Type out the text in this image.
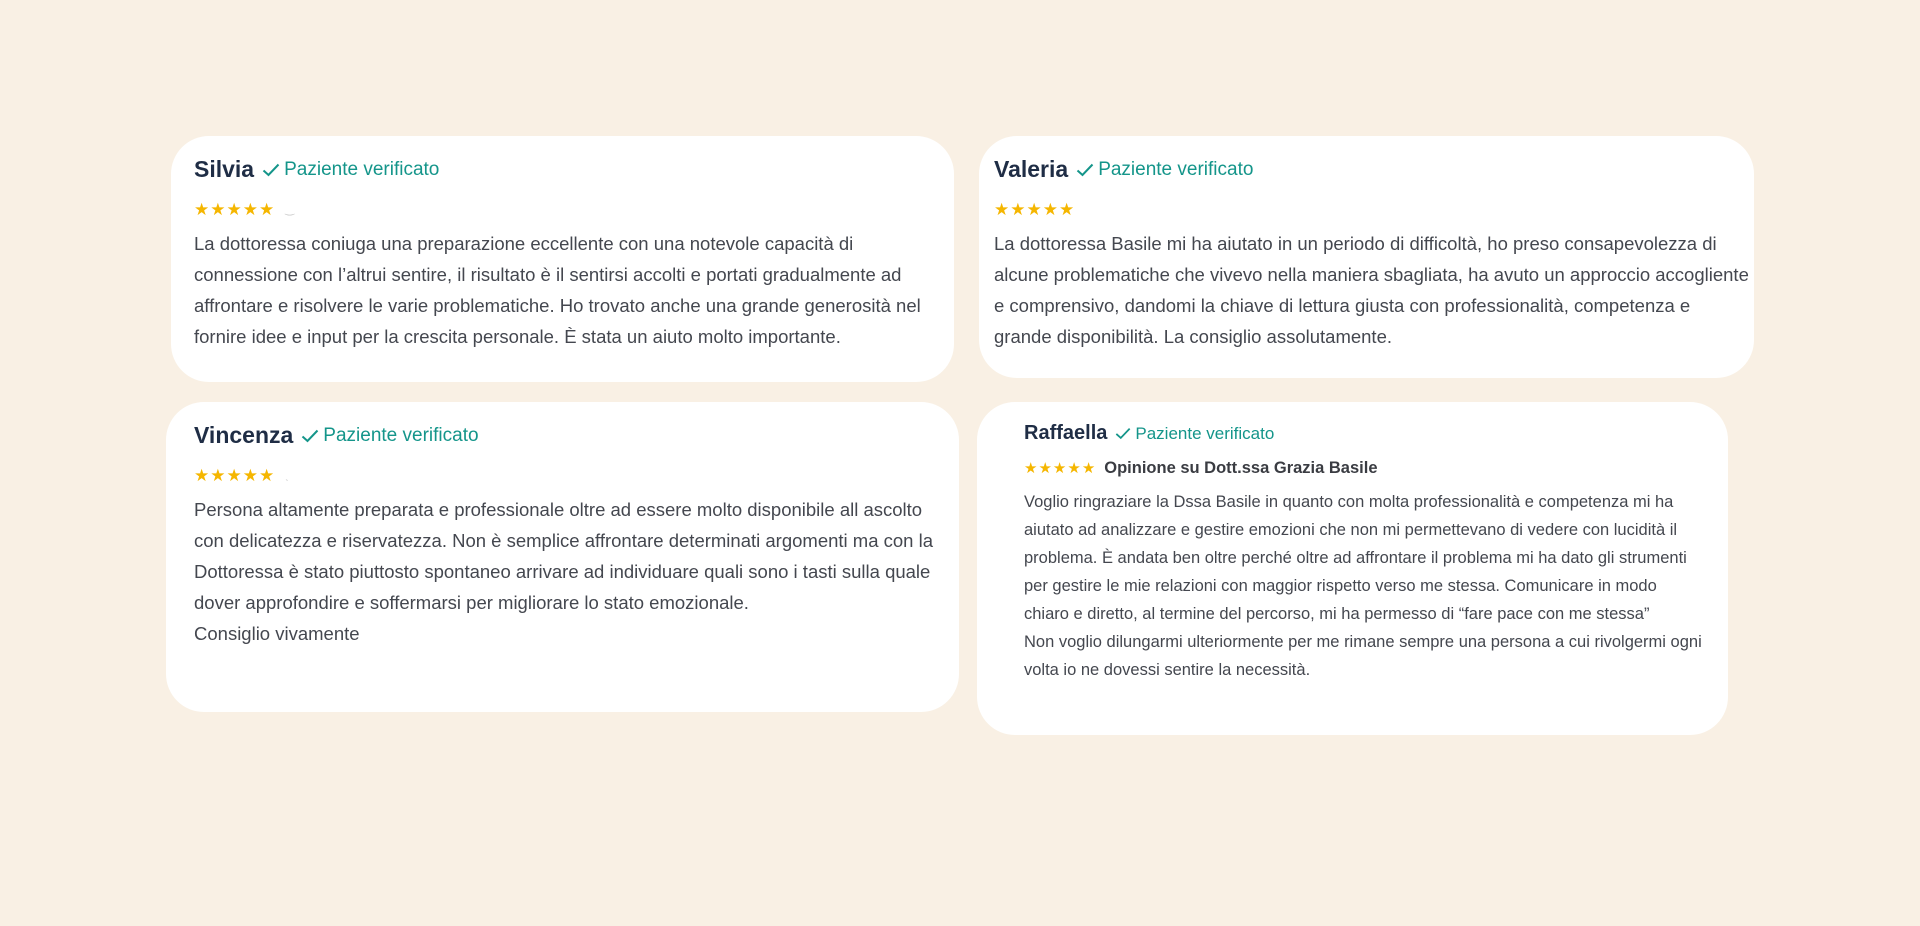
Silvia Paziente verificato
★ ★ ★ ★ ★ ‿
La dottoressa coniuga una preparazione eccellente con una notevole capacità di connessione con l’altrui sentire, il risultato è il sentirsi accolti e portati gradualmente ad affrontare e risolvere le varie problematiche. Ho trovato anche una grande generosità nel fornire idee e input per la crescita personale. È stata un aiuto molto importante.
Valeria Paziente verificato
★ ★ ★ ★ ★
La dottoressa Basile mi ha aiutato in un periodo di difficoltà, ho preso consapevolezza di alcune problematiche che vivevo nella maniera sbagliata, ha avuto un approccio accogliente e comprensivo, dandomi la chiave di lettura giusta con professionalità, competenza e grande disponibilità. La consiglio assolutamente.
Vincenza Paziente verificato
★ ★ ★ ★ ★ ˎ
Persona altamente preparata e professionale oltre ad essere molto disponibile all ascolto con delicatezza e riservatezza. Non è semplice affrontare determinati argomenti ma con la Dottoressa è stato piuttosto spontaneo arrivare ad individuare quali sono i tasti sulla quale dover approfondire e soffermarsi per migliorare lo stato emozionale.
Consiglio vivamente
Raffaella Paziente verificato
★ ★ ★ ★ ★ Opinione su Dott.ssa Grazia Basile
Voglio ringraziare la Dssa Basile in quanto con molta professionalità e competenza mi ha aiutato ad analizzare e gestire emozioni che non mi permettevano di vedere con lucidità il problema. È andata ben oltre perché oltre ad affrontare il problema mi ha dato gli strumenti per gestire le mie relazioni con maggior rispetto verso me stessa. Comunicare in modo chiaro e diretto, al termine del percorso, mi ha permesso di “fare pace con me stessa”
Non voglio dilungarmi ulteriormente per me rimane sempre una persona a cui rivolgermi ogni volta io ne dovessi sentire la necessità.
